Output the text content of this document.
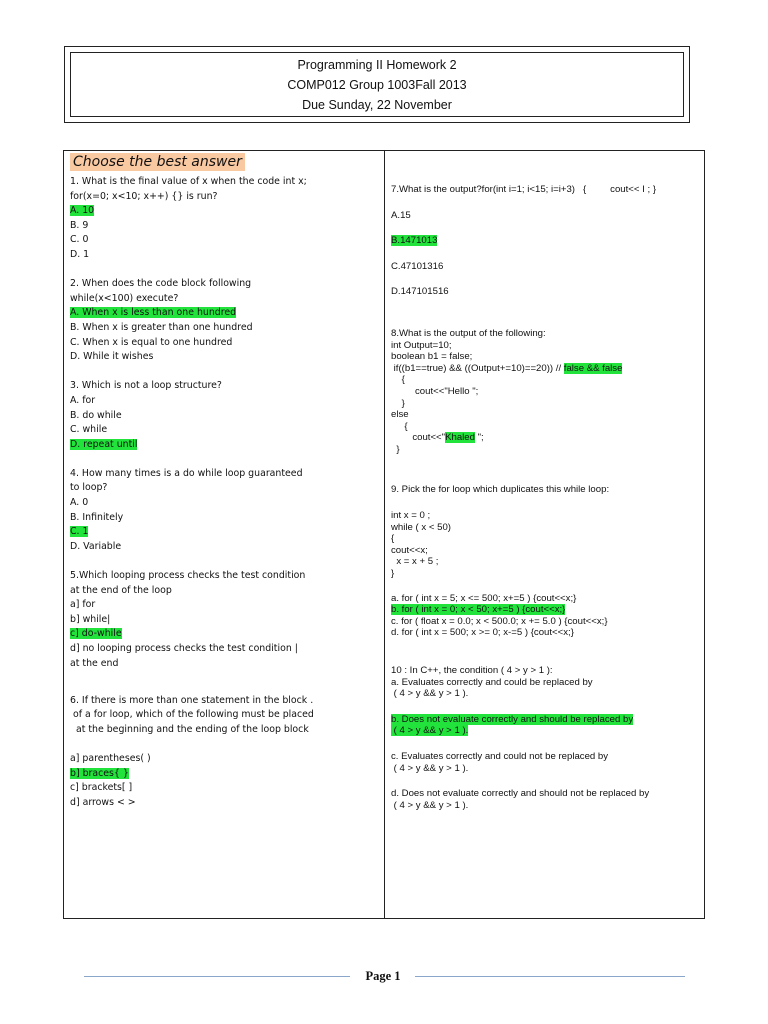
Programming II Homework 2
COMP012 Group 1003Fall 2013
Due Sunday, 22 November
Choose the best answer
1. What is the final value of x when the code int x;
for(x=0; x<10; x++) {} is run?
A. 10
B. 9
C. 0
D. 1
2. When does the code block following
while(x<100) execute?
A. When x is less than one hundred
B. When x is greater than one hundred
C. When x is equal to one hundred
D. While it wishes
3. Which is not a loop structure?
A. for
B. do while
C. while
D. repeat until
4. How many times is a do while loop guaranteed
to loop?
A. 0
B. Infinitely
C. 1
D. Variable
5.Which looping process checks the test condition
at the end of the loop
a] for
b] while|
c] do-while
d] no looping process checks the test condition |
at the end
6. If there is more than one statement in the block .
of a for loop, which of the following must be placed
at the beginning and the ending of the loop block
a] parentheses( )
b] braces{ }
c] brackets[ ]
d] arrows < >
7.What is the output?for(int i=1; i<15; i=i+3)   {         cout<< I ; }
A.15
B.1471013
C.47101316
D.147101516
8.What is the output of the following:
int Output=10;
boolean b1 = false;
if((b1==true) && ((Output+=10)==20)) // false && false
{
cout<<"Hello ";
}
else
{
cout<<"Khaled ";
}
9. Pick the for loop which duplicates this while loop:
int x = 0 ;
while ( x < 50)
{
cout<<x;
x = x + 5 ;
}
a. for ( int x = 5; x <= 500; x+=5 ) {cout<<x;}
b. for ( int x = 0; x < 50; x+=5 ) {cout<<x;}
c. for ( float x = 0.0; x < 500.0; x += 5.0 ) {cout<<x;}
d. for ( int x = 500; x >= 0; x-=5 ) {cout<<x;}
10 : In C++, the condition ( 4 > y > 1 ):
a. Evaluates correctly and could be replaced by
( 4 > y && y > 1 ).
b. Does not evaluate correctly and should be replaced by
( 4 > y && y > 1 ).
c. Evaluates correctly and could not be replaced by
( 4 > y && y > 1 ).
d. Does not evaluate correctly and should not be replaced by
( 4 > y && y > 1 ).
Page 1
